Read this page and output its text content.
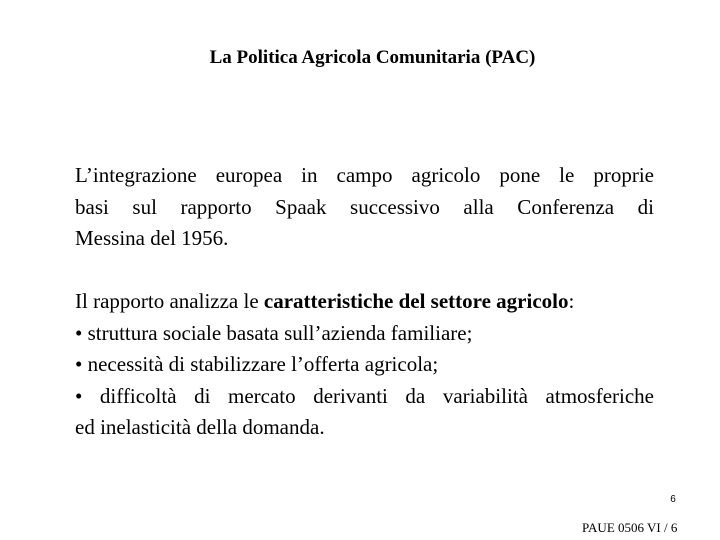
La Politica Agricola Comunitaria (PAC)
L’integrazione europea in campo agricolo pone le proprie
basi sul rapporto Spaak successivo alla Conferenza di
Messina del 1956.
Il rapporto analizza le caratteristiche del settore agricolo:
• struttura sociale basata sull’azienda familiare;
• necessità di stabilizzare l’offerta agricola;
• difficoltà di mercato derivanti da variabilità atmosferiche
ed inelasticità della domanda.
6
PAUE 0506 VI / 6
